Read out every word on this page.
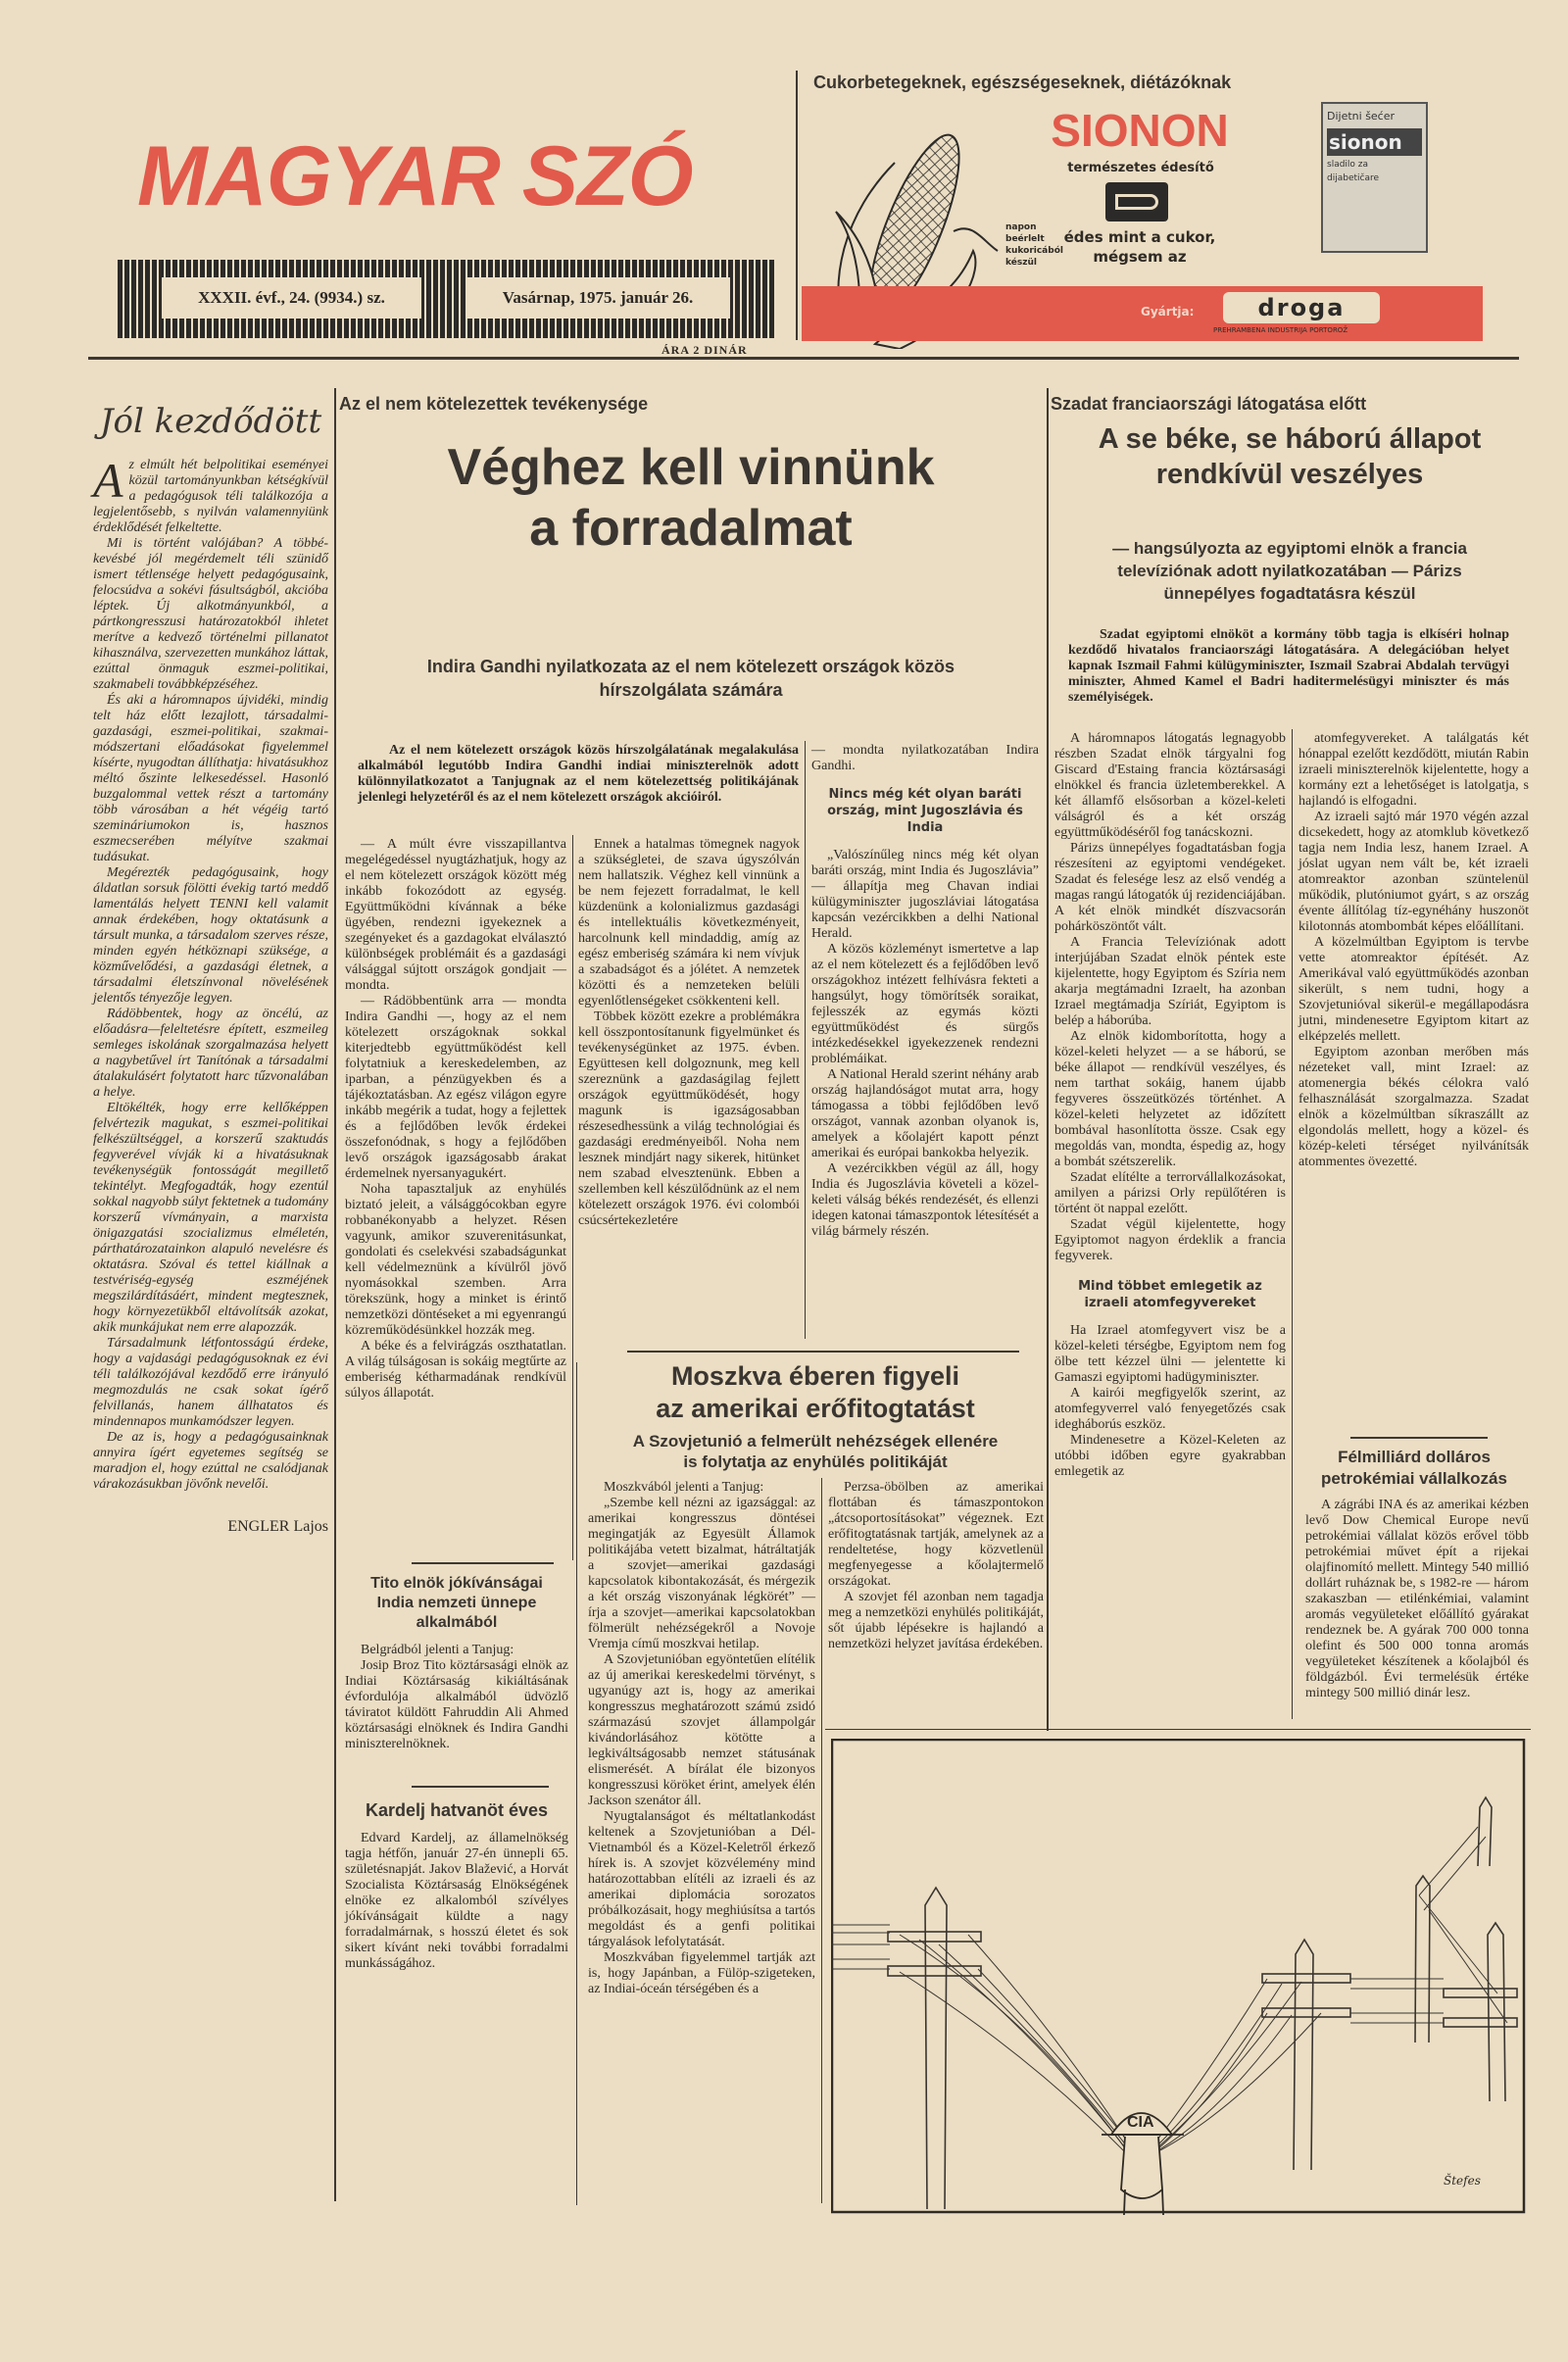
MAGYAR SZÓ
XXXII. évf., 24. (9934.) sz.	Vasárnap, 1975. január 26.
ÁRA 2 DINÁR
Cukorbetegeknek, egészségeseknek, diétázóknak
SIONON
természetes édesítő
édes mint a cukor,
mégsem az
napon
beérlelt
kukoricából
készül
Dijetni šećer
sionon
sladilo za
dijabetičare
Gyártja:	droga
PREHRAMBENA INDUSTRIJA PORTOROŽ
Jól kezdődött
A z elmúlt hét belpolitikai eseményei közül tartományunkban kétségkívül a pedagógusok téli találkozója a legjelentősebb, s nyilván valamennyiünk érdeklődését felkeltette.

Mi is történt valójában? A többé-kevésbé jól megérdemelt téli szünidő ismert tétlensége helyett pedagógusaink, felocsúdva a sokévi fásultságból, akcióba léptek. Új alkotmányunkból, a pártkongresszusi határozatokból ihletet merítve a kedvező történelmi pillanatot kihasználva, szervezetten munkához láttak, ezúttal önmaguk eszmei-politikai, szakmabeli továbbképzéséhez.

És aki a háromnapos újvidéki, mindig telt ház előtt lezajlott, társadalmi-gazdasági, eszmei-politikai, szakmai-módszertani előadásokat figyelemmel kísérte, nyugodtan állíthatja: hivatásukhoz méltó őszinte lelkesedéssel. Hasonló buzgalommal vettek részt a tartomány több városában a hét végéig tartó szemináriumokon is, hasznos eszmecserében mélyítve szakmai tudásukat.

Megérezték pedagógusaink, hogy áldatlan sorsuk fölötti évekig tartó meddő lamentálás helyett TENNI kell valamit annak érdekében, hogy oktatásunk a társult munka, a társadalom szerves része, minden egyén hétköznapi szüksége, a közművelődési, a gazdasági életnek, a társadalmi életszínvonal növelésének jelentős tényezője legyen.

Rádöbbentek, hogy az öncélú, az előadásra—feleltetésre épített, eszmeileg semleges iskolának szorgalmazása helyett a nagybetűvel írt Tanítónak a társadalmi átalakulásért folytatott harc tűzvonalában a helye.

Eltökélték, hogy erre kellőképpen felvértezik magukat, s eszmei-politikai felkészültséggel, a korszerű szaktudás fegyverével vívják ki a hivatásuknak tevékenységük fontosságát megillető tekintélyt. Megfogadták, hogy ezentúl sokkal nagyobb súlyt fektetnek a tudomány korszerű vívmányain, a marxista önigazgatási szocializmus elméletén, párthatározatainkon alapuló nevelésre és oktatásra. Szóval és tettel kiállnak a testvériség-egység eszméjének megszilárdításáért, mindent megtesznek, hogy környezetükből eltávolítsák azokat, akik munkájukat nem erre alapozzák.

Társadalmunk létfontosságú érdeke, hogy a vajdasági pedagógusoknak ez évi téli találkozójával kezdődő erre irányuló megmozdulás ne csak sokat ígérő felvillanás, hanem állhatatos és mindennapos munkamódszer legyen.

De az is, hogy a pedagógusainknak annyira ígért egyetemes segítség se maradjon el, hogy ezúttal ne csalódjanak várakozásukban jövőnk nevelői.

ENGLER Lajos
Az el nem kötelezettek tevékenysége
Véghez kell vinnünk
a forradalmat
Indira Gandhi nyilatkozata az el nem kötelezett országok közös
hírszolgálata számára

Az el nem kötelezett országok közös hírszolgálatának megalakulása alkalmából legutóbb Indira Gandhi indiai miniszterelnök adott különnyilatkozatot a Tanjugnak az el nem kötelezettség politikájának jelenlegi helyzetéről és az el nem kötelezett országok akcióiról.

— A múlt évre visszapillantva megelégedéssel nyugtázhatjuk, hogy az el nem kötelezett országok között még inkább fokozódott az egység. Együttműködni kívánnak a béke ügyében, rendezni igyekeznek a szegényeket és a gazdagokat elválasztó különbségek problémáit és a gazdasági válsággal sújtott országok gondjait — mondta.

— Rádöbbentünk arra — mondta Indira Gandhi —, hogy az el nem kötelezett országoknak sokkal kiterjedtebb együttműködést kell folytatniuk a kereskedelemben, az iparban, a pénzügyekben és a tájékoztatásban. Az egész világon egyre inkább megérik a tudat, hogy a fejlettek és a fejlődőben levők érdekei összefonódnak, s hogy a fejlődőben levő országok igazságosabb árakat érdemelnek nyersanyagukért.

Noha tapasztaljuk az enyhülés biztató jeleit, a válsággócokban egyre robbanékonyabb a helyzet. Résen vagyunk, amikor szuverenitásunkat, gondolati és cselekvési szabadságunkat kell védelmeznünk a kívülről jövő nyomásokkal szemben. Arra törekszünk, hogy a minket is érintő nemzetközi döntéseket a mi egyenrangú közreműködésünkkel hozzák meg.

A béke és a felvirágzás oszthatatlan. A világ túlságosan is sokáig megtűrte az emberiség kétharmadának rendkívül súlyos állapotát.

Ennek a hatalmas tömegnek nagyok a szükségletei, de szava úgyszólván nem hallatszik. Véghez kell vinnünk a be nem fejezett forradalmat, le kell küzdenünk a kolonializmus gazdasági és intellektuális következményeit, harcolnunk kell mindaddig, amíg az egész emberiség számára ki nem vívjuk a szabadságot és a jólétet. A nemzetek közötti és a nemzeteken belüli egyenlőtlenségeket csökkenteni kell.

Többek között ezekre a problémákra kell összpontosítanunk figyelmünket és tevékenységünket az 1975. évben. Együttesen kell dolgoznunk, meg kell szereznünk a gazdaságilag fejlett országok együttműködését, hogy magunk is igazságosabban részesedhessünk a világ technológiai és gazdasági eredményeiből. Noha nem lesznek mindjárt nagy sikerek, hitünket nem szabad elvesztenünk. Ebben a szellemben kell készülődnünk az el nem kötelezett országok 1976. évi colombói csúcsértekezletére

— mondta nyilatkozatában Indira Gandhi.

Nincs még két olyan baráti ország, mint Jugoszlávia és India

„Valószínűleg nincs még két olyan baráti ország, mint India és Jugoszlávia” — állapítja meg Chavan indiai külügyminiszter jugoszláviai látogatása kapcsán vezércikkben a delhi National Herald.

A közös közleményt ismertetve a lap az el nem kötelezett és a fejlődőben levő országokhoz intézett felhívásra fekteti a hangsúlyt, hogy tömörítsék soraikat, fejlesszék az egymás közti együttműködést és sürgős intézkedésekkel igyekezzenek rendezni problémáikat.

A National Herald szerint néhány arab ország hajlandóságot mutat arra, hogy támogassa a többi fejlődőben levő országot, vannak azonban olyanok is, amelyek a kőolajért kapott pénzt amerikai és európai bankokba helyezik.

A vezércikkben végül az áll, hogy India és Jugoszlávia követeli a közel-keleti válság békés rendezését, és ellenzi idegen katonai támaszpontok létesítését a világ bármely részén.

Tito elnök jókívánságai
India nemzeti ünnepe
alkalmából

Belgrádból jelenti a Tanjug:

Josip Broz Tito köztársasági elnök az Indiai Köztársaság kikiáltásának évfordulója alkalmából üdvözlő táviratot küldött Fahruddin Ali Ahmed köztársasági elnöknek és Indira Gandhi miniszterelnöknek.

Kardelj hatvanöt éves

Edvard Kardelj, az államelnökség tagja hétfőn, január 27-én ünnepli 65. születésnapját. Jakov Blažević, a Horvát Szocialista Köztársaság Elnökségének elnöke ez alkalomból szívélyes jókívánságait küldte a nagy forradalmárnak, s hosszú életet és sok sikert kívánt neki további forradalmi munkásságához.

Moszkva éberen figyeli
az amerikai erőfitogtatást
A Szovjetunió a felmerült nehézségek ellenére
is folytatja az enyhülés politikáját

Moszkvából jelenti a Tanjug:

„Szembe kell nézni az igazsággal: az amerikai kongresszus döntései megingatják az Egyesült Államok politikájába vetett bizalmat, hátráltatják a szovjet—amerikai gazdasági kapcsolatok kibontakozását, és mérgezik a két ország viszonyának légkörét” — írja a szovjet—amerikai kapcsolatokban fölmerült nehézségekről a Novoje Vremja című moszkvai hetilap.

A Szovjetunióban egyöntetűen elítélik az új amerikai kereskedelmi törvényt, s ugyanúgy azt is, hogy az amerikai kongresszus meghatározott számú zsidó származású szovjet állampolgár kivándorlásához kötötte a legkiváltságosabb nemzet státusának elismerését. A bírálat éle bizonyos kongresszusi köröket érint, amelyek élén Jackson szenátor áll.

Nyugtalanságot és méltatlankodást keltenek a Szovjetunióban a Dél-Vietnamból és a Közel-Keletről érkező hírek is. A szovjet közvélemény mind határozottabban elítéli az izraeli és az amerikai diplomácia sorozatos próbálkozásait, hogy meghiúsítsa a tartós megoldást és a genfi politikai tárgyalások lefolytatását.

Moszkvában figyelemmel tartják azt is, hogy Japánban, a Fülöp-szigeteken, az Indiai-óceán térségében és a

Perzsa-öbölben az amerikai flottában és támaszpontokon „átcsoportosításokat” végeznek. Ezt erőfitogtatásnak tartják, amelynek az a rendeltetése, hogy közvetlenül megfenyegesse a kőolajtermelő országokat.

A szovjet fél azonban nem tagadja meg a nemzetközi enyhülés politikáját, sőt újabb lépésekre is hajlandó a nemzetközi helyzet javítása érdekében.

Szadat franciaországi látogatása előtt
A se béke, se háború állapot
rendkívül veszélyes
— hangsúlyozta az egyiptomi elnök a francia
televíziónak adott nyilatkozatában — Párizs
ünnepélyes fogadtatásra készül

Szadat egyiptomi elnököt a kormány több tagja is elkíséri holnap kezdődő hivatalos franciaországi látogatására. A delegációban helyet kapnak Iszmail Fahmi külügyminiszter, Iszmail Szabrai Abdalah tervügyi miniszter, Ahmed Kamel el Badri haditermelésügyi miniszter és más személyiségek.

A háromnapos látogatás legnagyobb részben Szadat elnök tárgyalni fog Giscard d'Estaing francia köztársasági elnökkel és francia üzletemberekkel. A két államfő elsősorban a közel-keleti válságról és a két ország együttműködéséről fog tanácskozni.

Párizs ünnepélyes fogadtatásban fogja részesíteni az egyiptomi vendégeket. Szadat és felesége lesz az első vendég a magas rangú látogatók új rezidenciájában. A két elnök mindkét díszvacsorán pohárköszöntőt vált.

A Francia Televíziónak adott interjújában Szadat elnök péntek este kijelentette, hogy Egyiptom és Szíria nem akarja megtámadni Izraelt, ha azonban Izrael megtámadja Szíriát, Egyiptom is belép a háborúba.

Az elnök kidomborította, hogy a közel-keleti helyzet — a se háború, se béke állapot — rendkívül veszélyes, és nem tarthat sokáig, hanem újabb fegyveres összeütközés történhet. A közel-keleti helyzetet az időzített bombával hasonlította össze. Csak egy megoldás van, mondta, éspedig az, hogy a bombát szétszerelik.

Szadat elítélte a terrorvállalkozásokat, amilyen a párizsi Orly repülőtéren is történt öt nappal ezelőtt.

Szadat végül kijelentette, hogy Egyiptomot nagyon érdeklik a francia fegyverek.

Mind többet emlegetik az izraeli atomfegyvereket

Ha Izrael atomfegyvert visz be a közel-keleti térségbe, Egyiptom nem fog ölbe tett kézzel ülni — jelentette ki Gamaszi egyiptomi hadügyminiszter.

A kairói megfigyelők szerint, az atomfegyverrel való fenyegetőzés csak idegháborús eszköz.

Mindenesetre a Közel-Keleten az utóbbi időben egyre gyakrabban emlegetik az

atomfegyvereket. A találgatás két hónappal ezelőtt kezdődött, miután Rabin izraeli miniszterelnök kijelentette, hogy a kormány ezt a lehetőséget is latolgatja, s hajlandó is elfogadni.

Az izraeli sajtó már 1970 végén azzal dicsekedett, hogy az atomklub következő tagja nem India lesz, hanem Izrael. A jóslat ugyan nem vált be, két izraeli atomreaktor azonban szüntelenül működik, plutóniumot gyárt, s az ország évente állítólag tíz-egynéhány huszonöt kilotonnás atombombát képes előállítani.

A közelmúltban Egyiptom is tervbe vette atomreaktor építését. Az Amerikával való együttműködés azonban sikerült, s nem tudni, hogy a Szovjetunióval sikerül-e megállapodásra jutni, mindenesetre Egyiptom kitart az elképzelés mellett.

Egyiptom azonban merőben más nézeteket vall, mint Izrael: az atomenergia békés célokra való felhasználását szorgalmazza. Szadat elnök a közelmúltban síkraszállt az elgondolás mellett, hogy a közel- és közép-keleti térséget nyilvánítsák atommentes övezetté.

Félmilliárd dolláros
petrokémiai vállalkozás

A zágrábi INA és az amerikai kézben levő Dow Chemical Europe nevű petrokémiai vállalat közös erővel több petrokémiai művet épít a rijekai olajfinomító mellett. Mintegy 540 millió dollárt ruháznak be, s 1982-re — három szakaszban — etilénkémiai, valamint aromás vegyületeket előállító gyárakat rendeznek be. A gyárak 700 000 tonna olefint és 500 000 tonna aromás vegyületeket készítenek a kőolajból és földgázból. Évi termelésük értéke mintegy 500 millió dinár lesz.

CIA
Štefes
